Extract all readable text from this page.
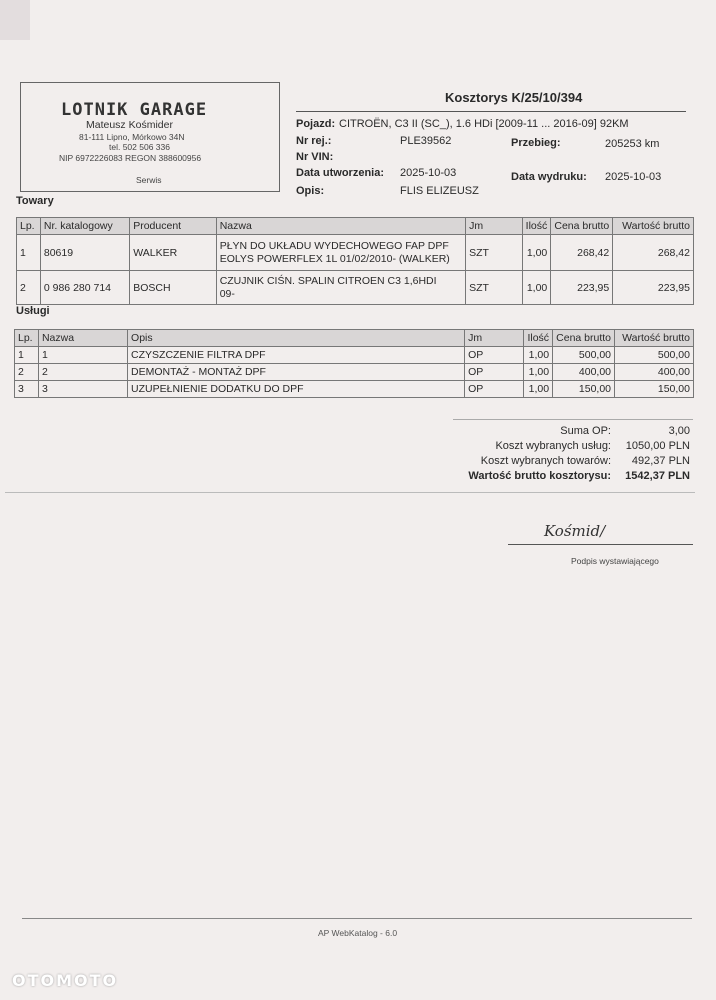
LOTNIK GARAGE
Mateusz Kośmider
81-111 Lipno, Mórkowo 34N
tel. 502 506 336
NIP 6972226083 REGON 388600956
Serwis
Kosztorys K/25/10/394
Pojazd: CITROËN, C3 II (SC_), 1.6 HDi [2009-11 ... 2016-09] 92KM
Nr rej.:	PLE39562	Przebieg:	205253 km
Nr VIN:
Data utworzenia: 2025-10-03	Data wydruku: 2025-10-03
Opis:	FLIS ELIZEUSZ
Towary
Lp.	Nr. katalogowy	Producent	Nazwa	Jm	Ilość	Cena brutto	Wartość brutto
1	80619	WALKER	PŁYN DO UKŁADU WYDECHOWEGO FAP DPF
EOLYS POWERFLEX 1L 01/02/2010- (WALKER)	SZT	1,00	268,42	268,42
2	0 986 280 714	BOSCH	CZUJNIK CIŚN. SPALIN CITROEN C3 1,6HDI
09-	SZT	1,00	223,95	223,95
Usługi
Lp.	Nazwa	Opis	Jm	Ilość	Cena brutto	Wartość brutto
1	1	CZYSZCZENIE FILTRA DPF	OP	1,00	500,00	500,00
2	2	DEMONTAŻ - MONTAŻ DPF	OP	1,00	400,00	400,00
3	3	UZUPEŁNIENIE DODATKU DO DPF	OP	1,00	150,00	150,00
Suma OP:	3,00
Koszt wybranych usług: 1050,00 PLN
Koszt wybranych towarów: 492,37 PLN
Wartość brutto kosztorysu: 1542,37 PLN
Kośmid/
Podpis wystawiającego
AP WebKatalog - 6.0
OTOMOTO
